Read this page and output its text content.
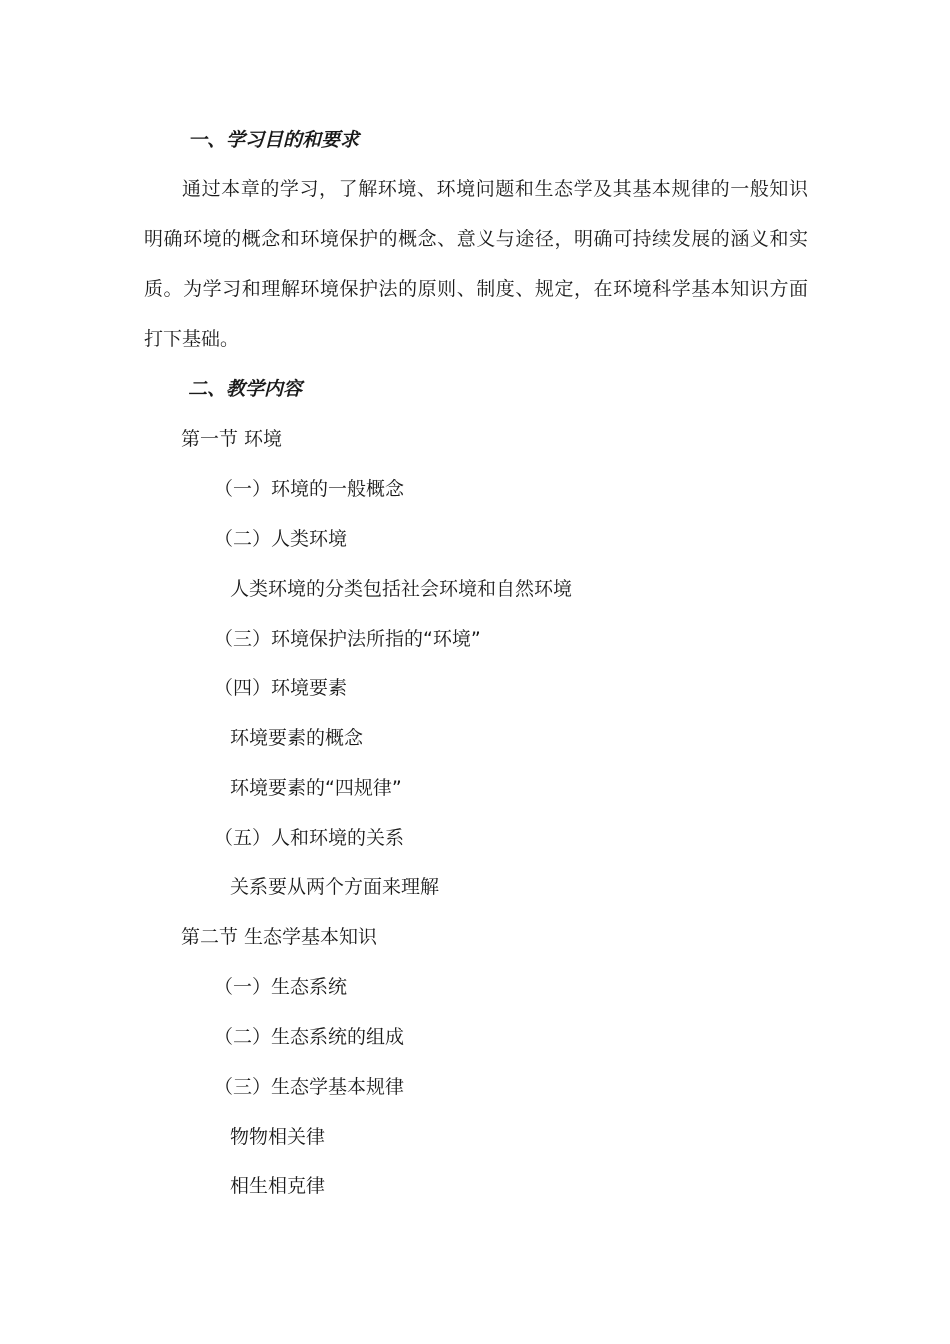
一、学习目的和要求
通过本章的学习，了解环境、环境问题和生态学及其基本规律的一般知识明确环境的概念和环境保护的概念、意义与途径，明确可持续发展的涵义和实质。为学习和理解环境保护法的原则、制度、规定，在环境科学基本知识方面打下基础。
二、教学内容
第一节 环境
（一）环境的一般概念
（二）人类环境
人类环境的分类包括社会环境和自然环境
（三）环境保护法所指的“环境”
（四）环境要素
环境要素的概念
环境要素的“四规律”
（五）人和环境的关系
关系要从两个方面来理解
第二节 生态学基本知识
（一）生态系统
（二）生态系统的组成
（三）生态学基本规律
物物相关律
相生相克律
